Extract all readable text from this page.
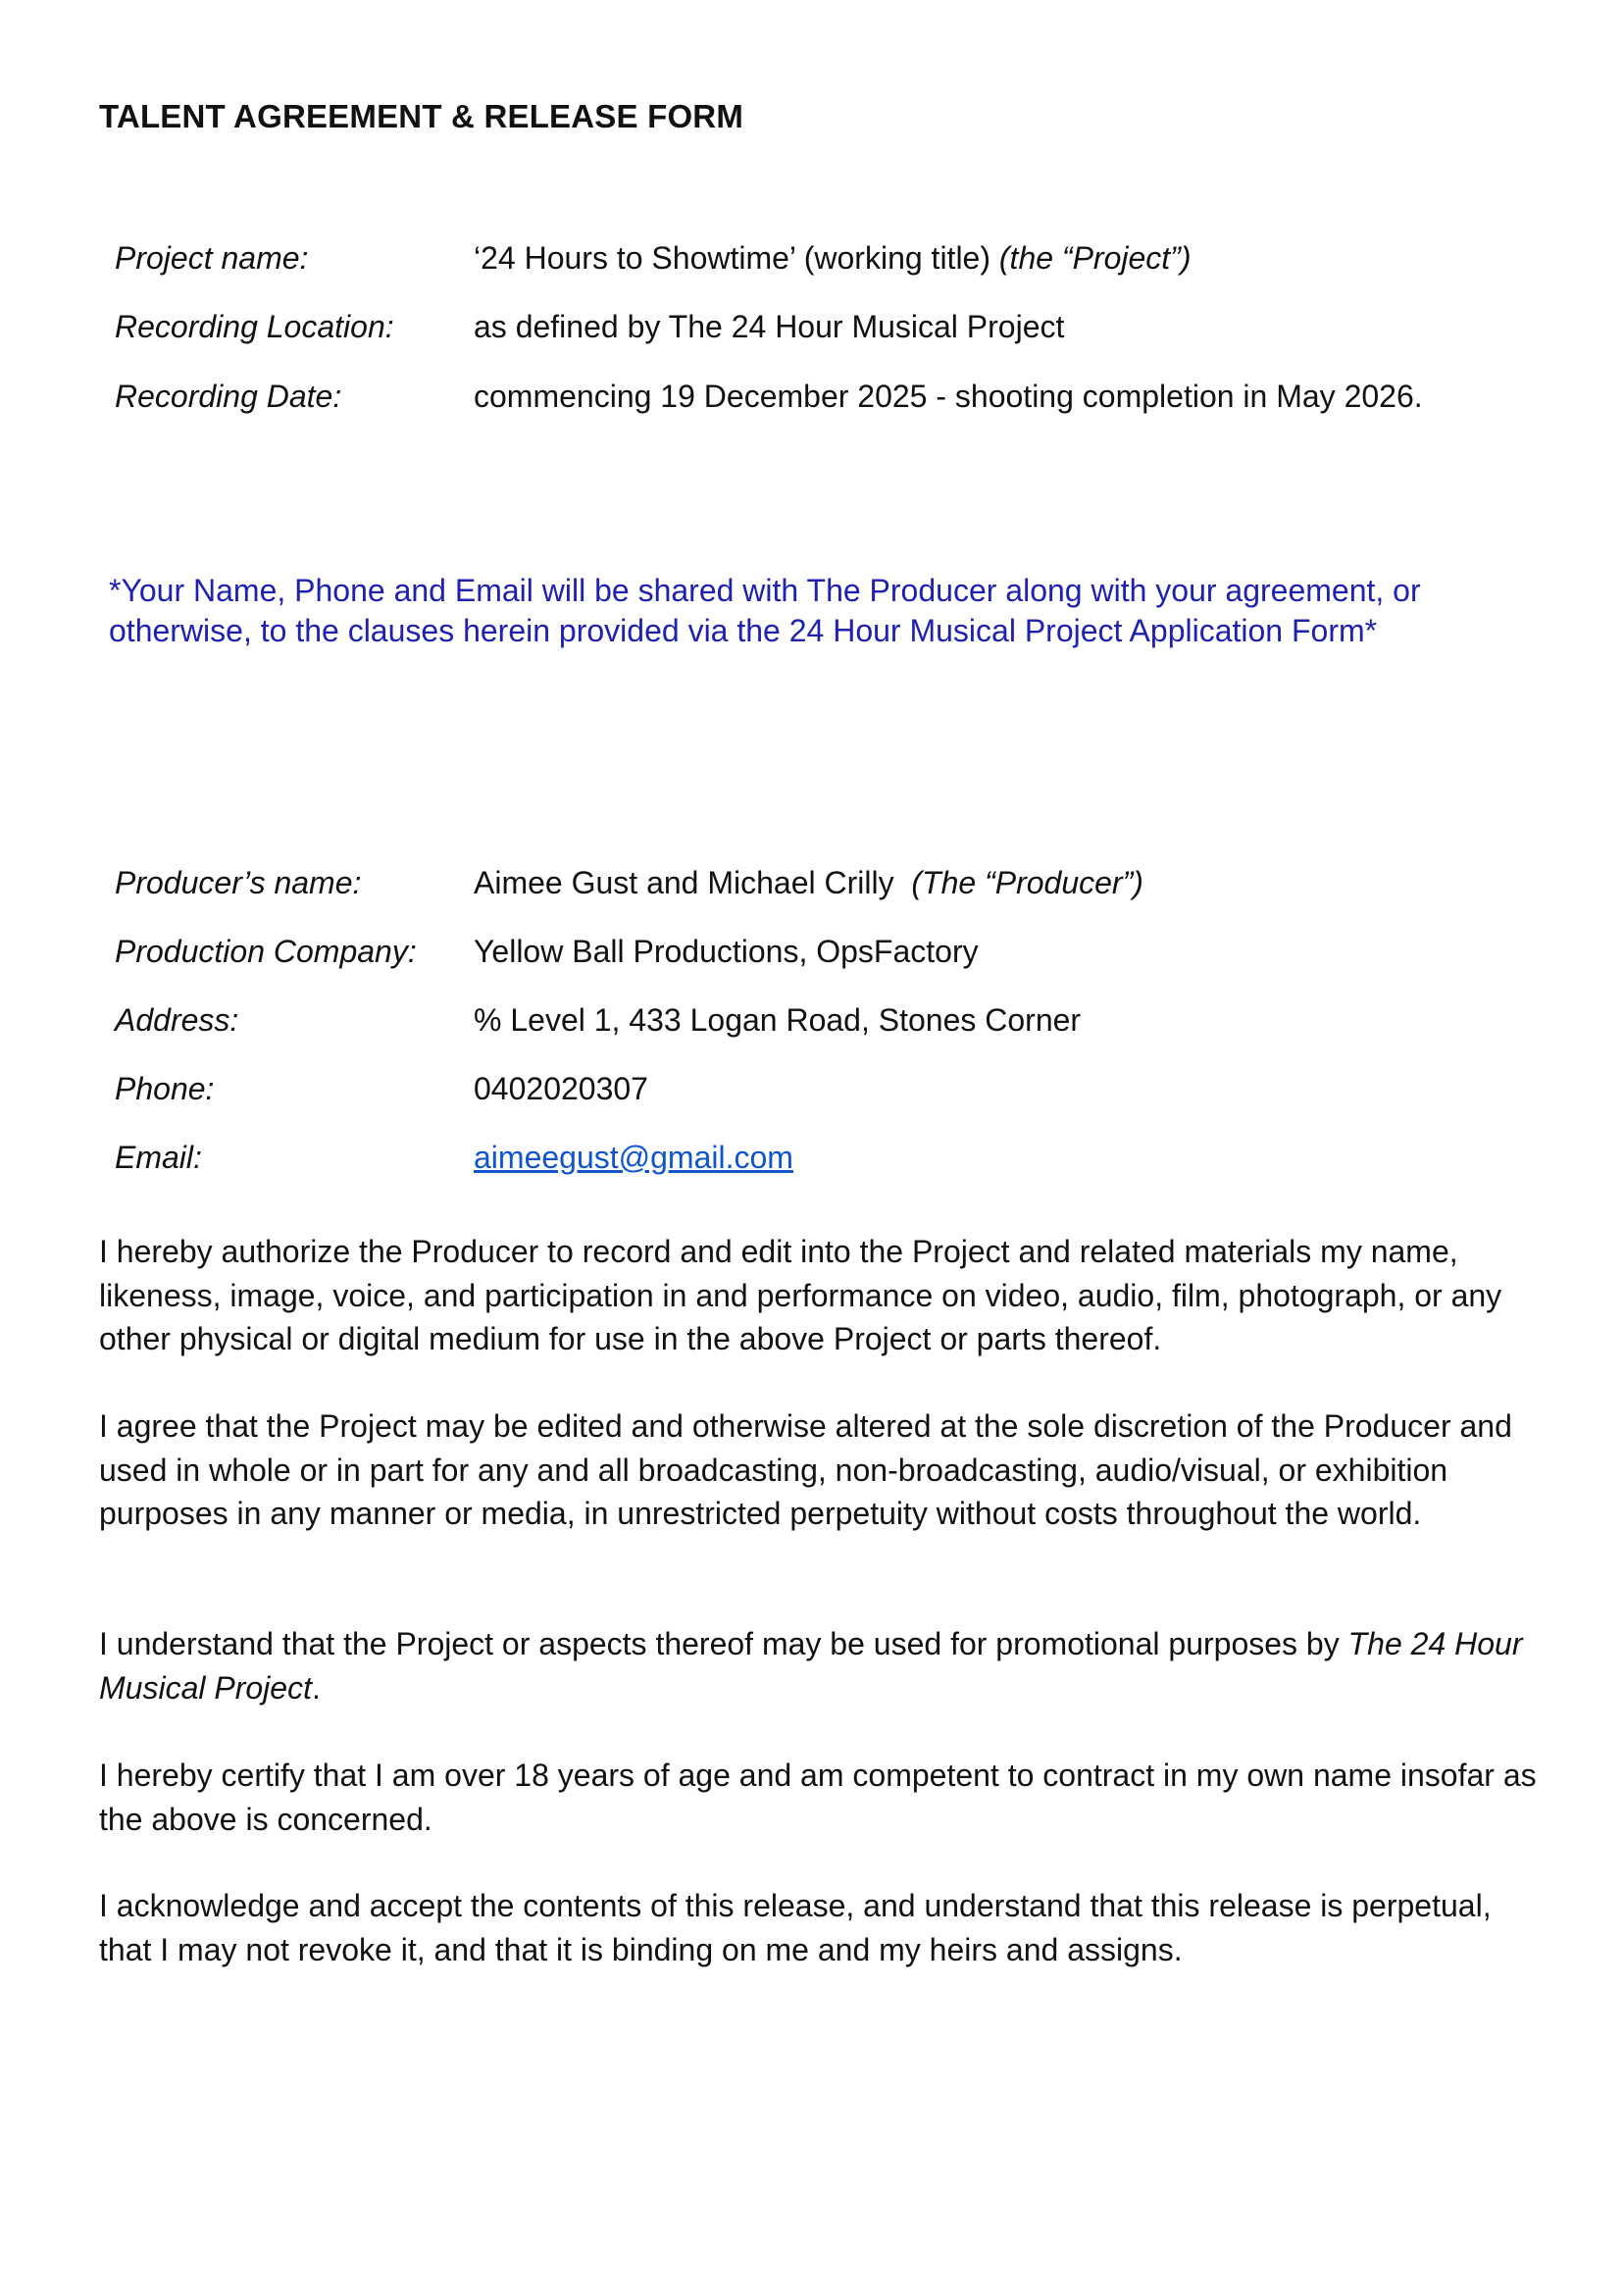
TALENT AGREEMENT & RELEASE FORM
Project name:	‘24 Hours to Showtime’ (working title) (the “Project”)
Recording Location:	as defined by The 24 Hour Musical Project
Recording Date:	commencing 19 December 2025 - shooting completion in May 2026.
*Your Name, Phone and Email will be shared with The Producer along with your agreement, or otherwise, to the clauses herein provided via the 24 Hour Musical Project Application Form*
Producer’s name:	Aimee Gust and Michael Crilly (The “Producer”)
Production Company: Yellow Ball Productions, OpsFactory
Address:	% Level 1, 433 Logan Road, Stones Corner
Phone:	0402020307
Email:	aimeegust@gmail.com

I hereby authorize the Producer to record and edit into the Project and related materials my name, likeness, image, voice, and participation in and performance on video, audio, film, photograph, or any other physical or digital medium for use in the above Project or parts thereof.

I agree that the Project may be edited and otherwise altered at the sole discretion of the Producer and used in whole or in part for any and all broadcasting, non-broadcasting, audio/visual, or exhibition purposes in any manner or media, in unrestricted perpetuity without costs throughout the world.

I understand that the Project or aspects thereof may be used for promotional purposes by The 24 Hour Musical Project.

I hereby certify that I am over 18 years of age and am competent to contract in my own name insofar as the above is concerned.

I acknowledge and accept the contents of this release, and understand that this release is perpetual, that I may not revoke it, and that it is binding on me and my heirs and assigns.
